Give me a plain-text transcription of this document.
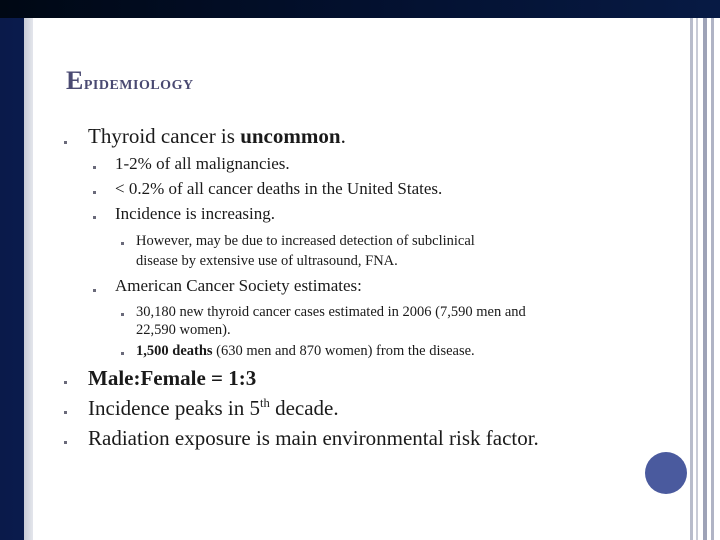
Epidemiology
Thyroid cancer is uncommon.
1-2% of all malignancies.
< 0.2% of all cancer deaths in the United States.
Incidence is increasing.
However, may be due to increased detection of subclinical
disease by extensive use of ultrasound, FNA.
American Cancer Society estimates:
30,180 new thyroid cancer cases estimated in 2006 (7,590 men and
22,590 women).
1,500 deaths (630 men and 870 women) from the disease.
Male:Female = 1:3
Incidence peaks in 5th decade.
Radiation exposure is main environmental risk factor.
